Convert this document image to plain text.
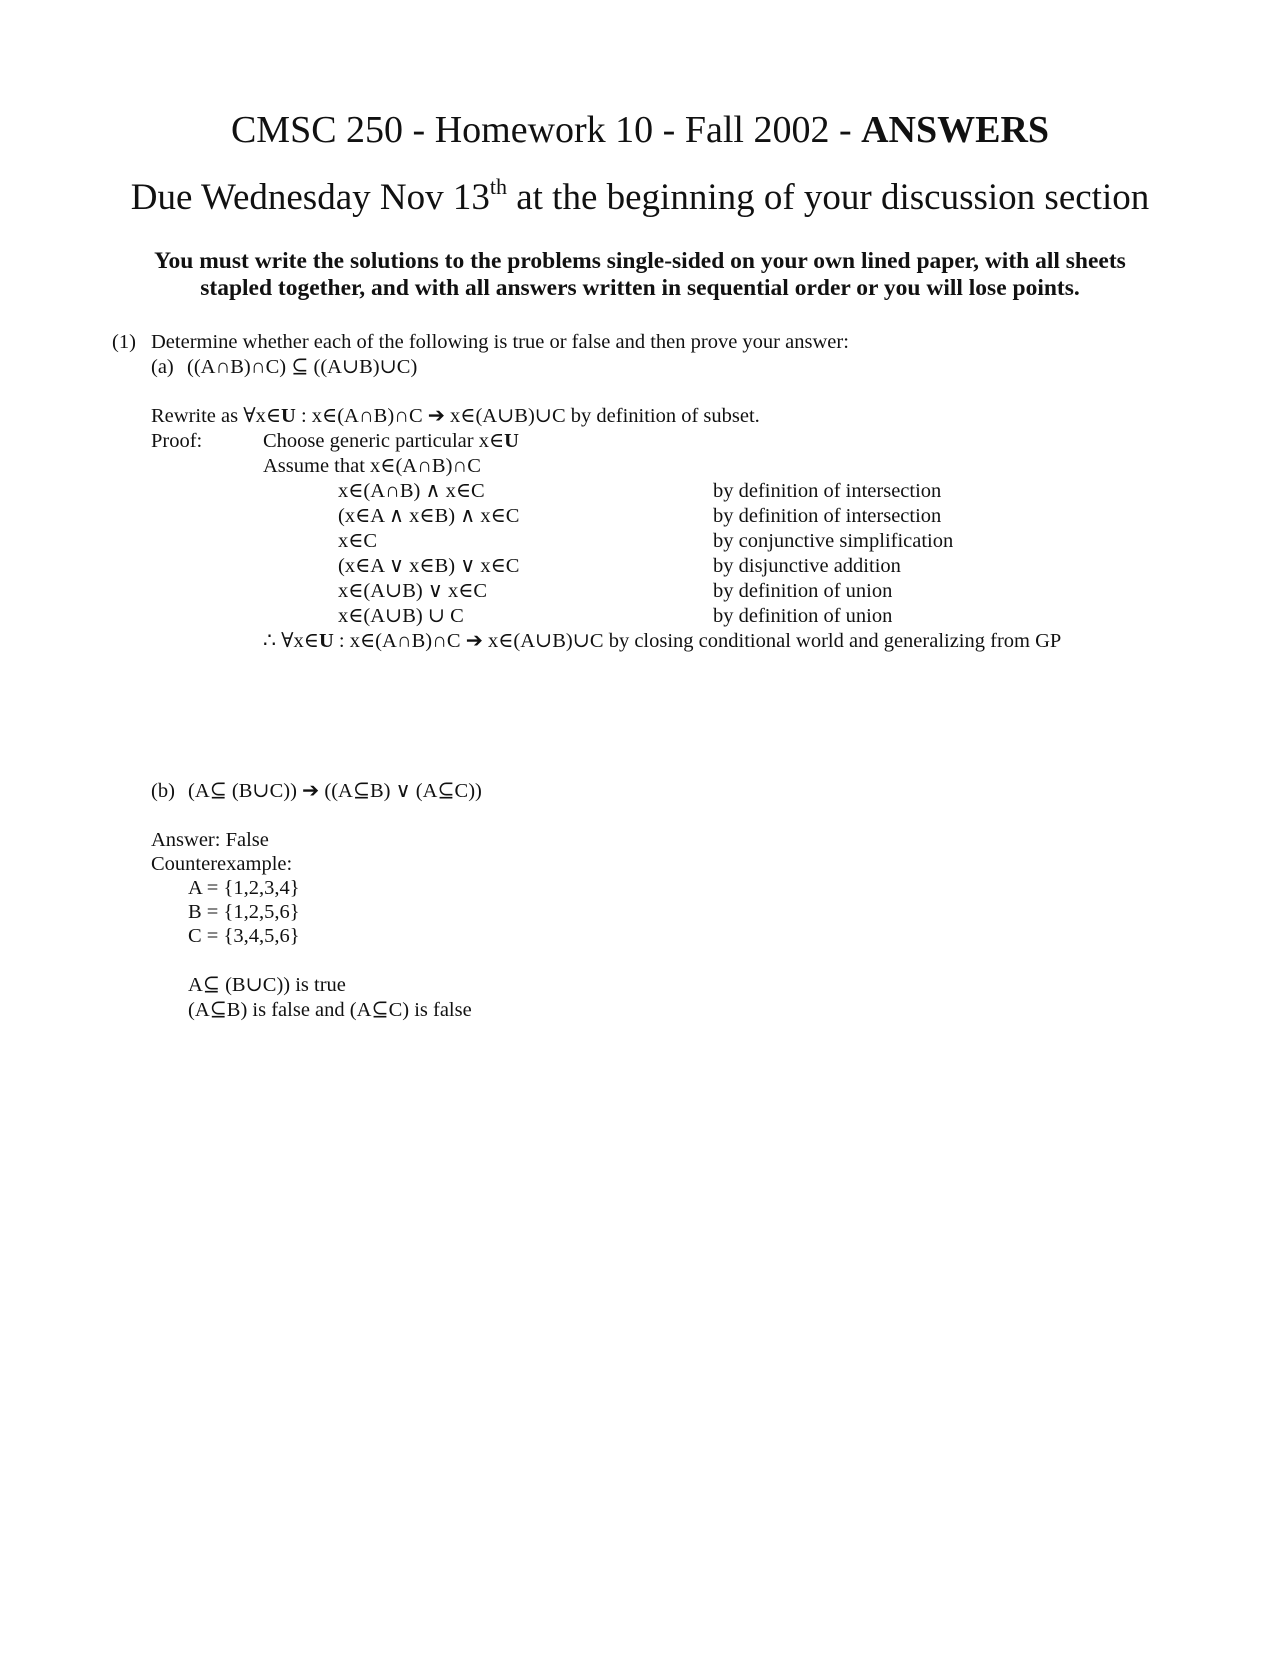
CMSC 250 - Homework 10 - Fall 2002 - ANSWERS
Due Wednesday Nov 13th at the beginning of your discussion section
You must write the solutions to the problems single-sided on your own lined paper, with all sheets
stapled together, and with all answers written in sequential order or you will lose points.
(1) Determine whether each of the following is true or false and then prove your answer:
(a) ((A∩B)∩C) ⊆ ((A∪B)∪C)
Rewrite as ∀x∈U : x∈(A∩B)∩C ➔ x∈(A∪B)∪C by definition of subset.
Proof:	Choose generic particular x∈U
Assume that x∈(A∩B)∩C
x∈(A∩B) ∧ x∈C	by definition of intersection
(x∈A ∧ x∈B) ∧ x∈C	by definition of intersection
x∈C	by conjunctive simplification
(x∈A ∨ x∈B) ∨ x∈C	by disjunctive addition
x∈(A∪B) ∨ x∈C	by definition of union
x∈(A∪B) ∪ C	by definition of union
∴ ∀x∈U : x∈(A∩B)∩C ➔ x∈(A∪B)∪C by closing conditional world and generalizing from GP
(b) (A⊆ (B∪C)) ➔ ((A⊆B) ∨ (A⊆C))
Answer: False
Counterexample:
A = {1,2,3,4}
B = {1,2,5,6}
C = {3,4,5,6}
A⊆ (B∪C)) is true
(A⊆B) is false and (A⊆C) is false
